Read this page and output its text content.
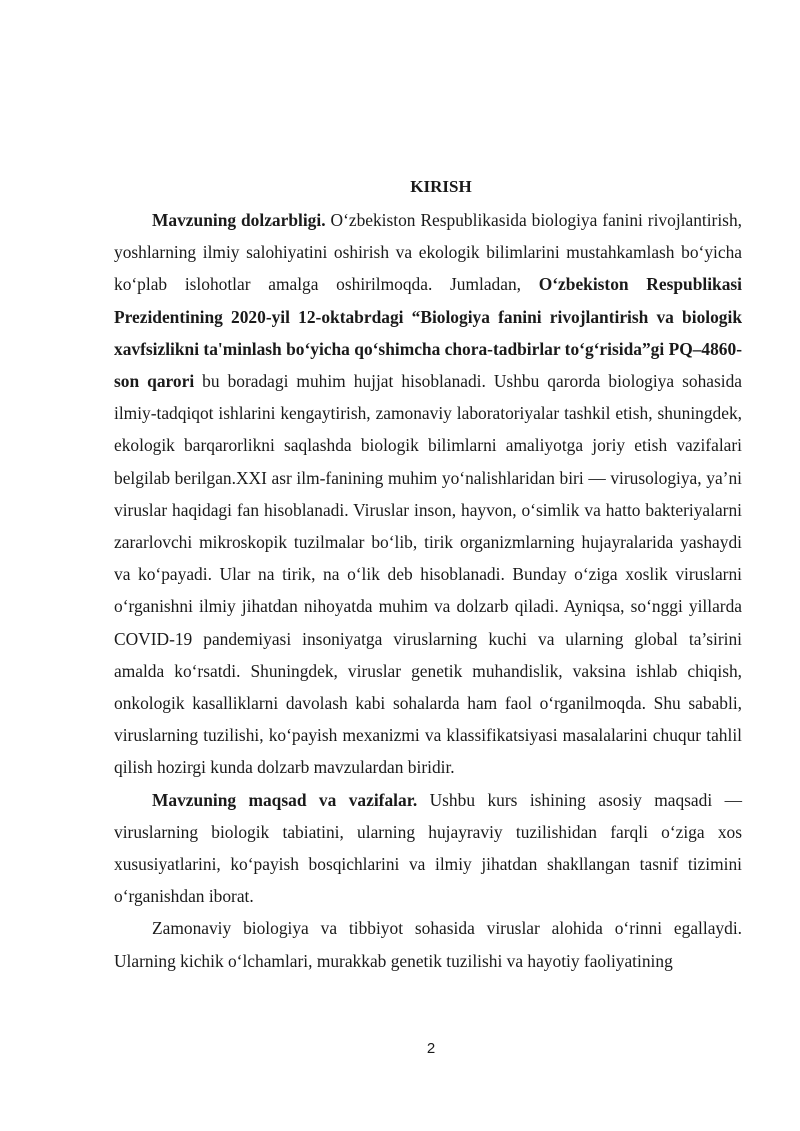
KIRISH

Mavzuning dolzarbligi. O‘zbekiston Respublikasida biologiya fanini rivojlantirish, yoshlarning ilmiy salohiyatini oshirish va ekologik bilimlarini mustahkamlash bo‘yicha ko‘plab islohotlar amalga oshirilmoqda. Jumladan, O‘zbekiston Respublikasi Prezidentining 2020-yil 12-oktabrdagi “Biologiya fanini rivojlantirish va biologik xavfsizlikni ta'minlash bo‘yicha qo‘shimcha chora-tadbirlar to‘g‘risida”gi PQ–4860-son qarori bu boradagi muhim hujjat hisoblanadi. Ushbu qarorda biologiya sohasida ilmiy-tadqiqot ishlarini kengaytirish, zamonaviy laboratoriyalar tashkil etish, shuningdek, ekologik barqarorlikni saqlashda biologik bilimlarni amaliyotga joriy etish vazifalari belgilab berilgan.XXI asr ilm-fanining muhim yo‘nalishlaridan biri — virusologiya, ya’ni viruslar haqidagi fan hisoblanadi. Viruslar inson, hayvon, o‘simlik va hatto bakteriyalarni zararlovchi mikroskopik tuzilmalar bo‘lib, tirik organizmlarning hujayralarida yashaydi va ko‘payadi. Ular na tirik, na o‘lik deb hisoblanadi. Bunday o‘ziga xoslik viruslarni o‘rganishni ilmiy jihatdan nihoyatda muhim va dolzarb qiladi. Ayniqsa, so‘nggi yillarda COVID-19 pandemiyasi insoniyatga viruslarning kuchi va ularning global ta’sirini amalda ko‘rsatdi. Shuningdek, viruslar genetik muhandislik, vaksina ishlab chiqish, onkologik kasalliklarni davolash kabi sohalarda ham faol o‘rganilmoqda. Shu sababli, viruslarning tuzilishi, ko‘payish mexanizmi va klassifikatsiyasi masalalarini chuqur tahlil qilish hozirgi kunda dolzarb mavzulardan biridir.

Mavzuning maqsad va vazifalar. Ushbu kurs ishining asosiy maqsadi — viruslarning biologik tabiatini, ularning hujayraviy tuzilishidan farqli o‘ziga xos xususiyatlarini, ko‘payish bosqichlarini va ilmiy jihatdan shakllangan tasnif tizimini o‘rganishdan iborat.

Zamonaviy biologiya va tibbiyot sohasida viruslar alohida o‘rinni egallaydi. Ularning kichik o‘lchamlari, murakkab genetik tuzilishi va hayotiy faoliyatining

2
